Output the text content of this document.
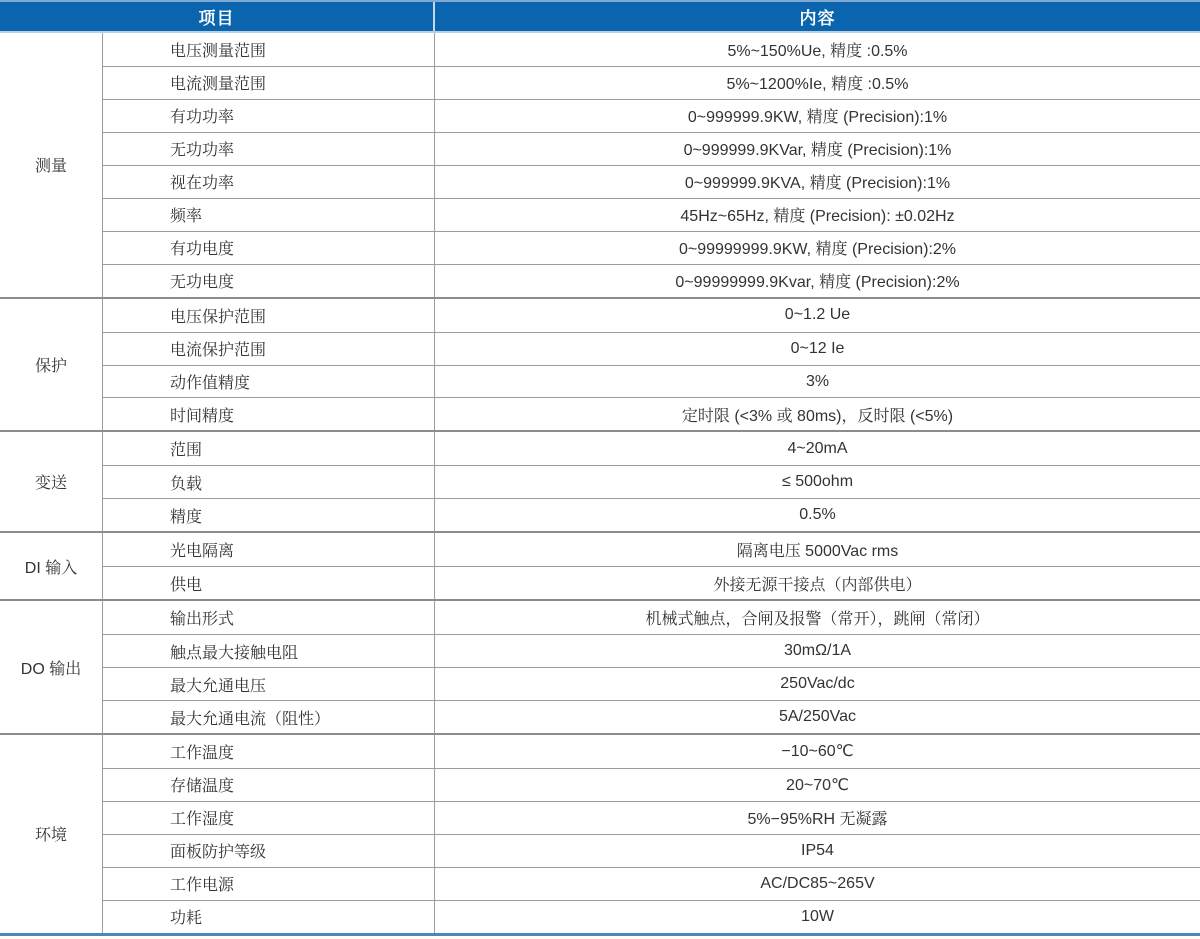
项目	内容
测量
电压测量范围	5%~150%Ue, 精度 :0.5%
电流测量范围	5%~1200%Ie, 精度 :0.5%
有功功率	0~999999.9KW, 精度 (Precision):1%
无功功率	0~999999.9KVar, 精度 (Precision):1%
视在功率	0~999999.9KVA, 精度 (Precision):1%
频率	45Hz~65Hz, 精度 (Precision): ±0.02Hz
有功电度	0~99999999.9KW, 精度 (Precision):2%
无功电度	0~99999999.9Kvar, 精度 (Precision):2%
保护
电压保护范围	0~1.2 Ue
电流保护范围	0~12 Ie
动作值精度	3%
时间精度	定时限 (<3% 或 80ms)，反时限 (<5%)
变送
范围	4~20mA
负载	≤ 500ohm
精度	0.5%
DI 输入
光电隔离	隔离电压 5000Vac rms
供电	外接无源干接点（内部供电）
DO 输出
输出形式	机械式触点，合闸及报警（常开），跳闸（常闭）
触点最大接触电阻	30mΩ/1A
最大允通电压	250Vac/dc
最大允通电流（阻性）	5A/250Vac
环境
工作温度	−10~60℃
存储温度	20~70℃
工作湿度	5%−95%RH 无凝露
面板防护等级	IP54
工作电源	AC/DC85~265V
功耗	10W
